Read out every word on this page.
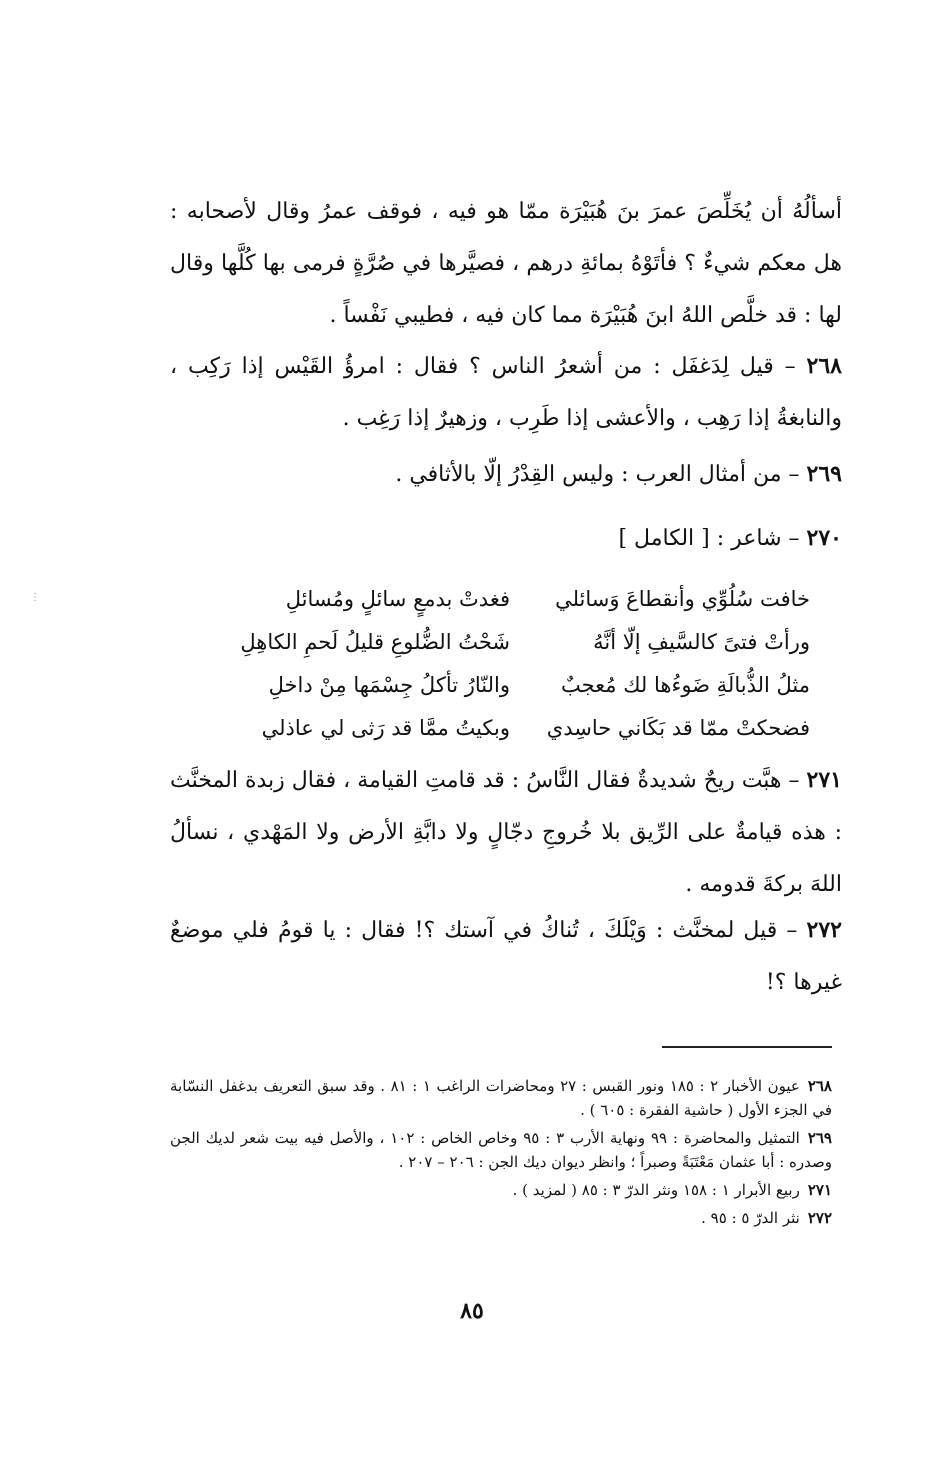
⋮

أسألُهُ أن يُخَلِّصَ عمرَ بنَ هُبَيْرَة ممّا هو فيه ، فوقف عمرُ وقال لأصحابه : هل معكم شيءٌ ؟ فأتَوْهُ بمائةِ درهم ، فصيَّرها في صُرَّةٍ فرمى بها كُلَّها وقال لها : قد خلَّص اللهُ ابنَ هُبَيْرَة مما كان فيه ، فطيبي نَفْساً .

٢٦٨ – قيل لِدَغفَل : من أشعرُ الناس ؟ فقال : امرؤُ القَيْس إذا رَكِب ، والنابغةُ إذا رَهِب ، والأعشى إذا طَرِب ، وزهيرٌ إذا رَغِب .

٢٦٩ – من أمثال العرب : وليس القِدْرُ إلّا بالأثافي .

٢٧٠ – شاعر : [ الكامل ]

خافت سُلُوِّي وأنقطاعَ وَسائلي
فغدتْ بدمعٍ سائلٍ ومُسائلِ
ورأتْ فتىً كالسَّيفِ إلّا أنَّهُ
شَحْتُ الضُّلوعِ قليلُ لَحمِ الكاهِلِ
مثلُ الذُّبالَةِ ضَوءُها لك مُعجبٌ
والنّارُ تأكلُ جِسْمَها مِنْ داخلِ
فضحكتْ ممّا قد بَكَاني حاسِدي
وبكيتُ ممَّا قد رَثى لي عاذلي

٢٧١ – هبَّت ريحٌ شديدةٌ فقال النَّاسُ : قد قامتِ القيامة ، فقال زبدة المخنَّث : هذه قيامةٌ على الرِّيق بلا خُروجِ دجّالٍ ولا دابَّةِ الأرض ولا المَهْدي ، نسألُ اللهَ بركةَ قدومه .

٢٧٢ – قيل لمخنَّث : وَيْلَكَ ، تُناكُ في آستك ؟! فقال : يا قومُ فلي موضعٌ غيرها ؟!

٢٦٨عيون الأخبار ٢ : ١٨٥ ونور القبس : ٢٧ ومحاضرات الراغب ١ : ٨١ . وقد سبق التعريف بدغفل النسّابة في الجزء الأول ( حاشية الفقرة : ٦٠٥ ) .

٢٦٩التمثيل والمحاضرة : ٩٩ ونهاية الأرب ٣ : ٩٥ وخاص الخاص : ١٠٢ ، والأصل فيه بيت شعر لديك الجن وصدره : أبا عثمان مَعْتَبَةً وصبراً ؛ وانظر ديوان ديك الجن : ٢٠٦ – ٢٠٧ .

٢٧١ربيع الأبرار ١ : ١٥٨ ونثر الدرّ ٣ : ٨٥ ( لمزيد ) .

٢٧٢نثر الدرّ ٥ : ٩٥ .

٨٥
